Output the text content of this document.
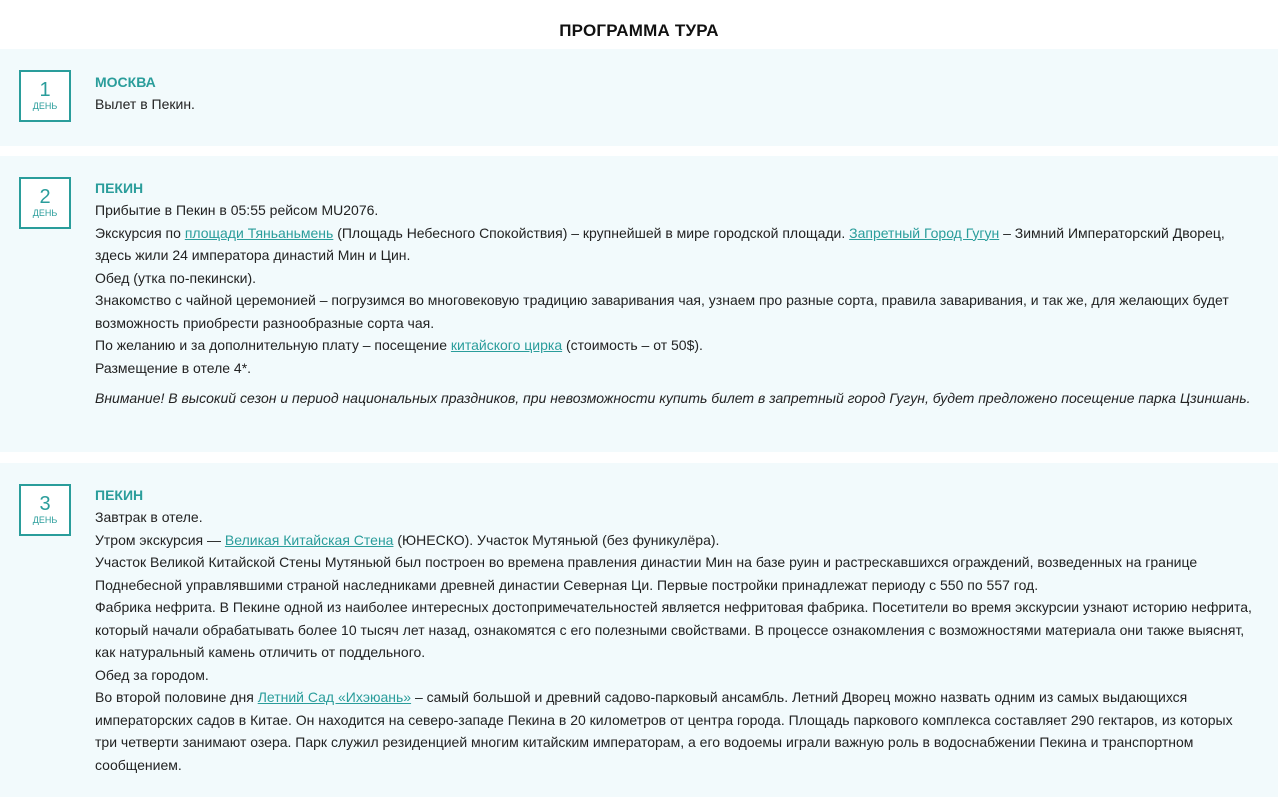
ПРОГРАММА ТУРА
1
ДЕНЬ
МОСКВА
Вылет в Пекин.
2
ДЕНЬ
ПЕКИН
Прибытие в Пекин в 05:55 рейсом MU2076.
Экскурсия по площади Тяньаньмень (Площадь Небесного Спокойствия) – крупнейшей в мире городской площади. Запретный Город Гугун – Зимний Императорский Дворец, здесь жили 24 императора династий Мин и Цин.
Обед (утка по-пекински).
Знакомство с чайной церемонией – погрузимся во многовековую традицию заваривания чая, узнаем про разные сорта, правила заваривания, и так же, для желающих будет возможность приобрести разнообразные сорта чая.
По желанию и за дополнительную плату – посещение китайского цирка (стоимость – от 50$).
Размещение в отеле 4*.
Внимание! В высокий сезон и период национальных праздников, при невозможности купить билет в запретный город Гугун, будет предложено посещение парка Цзиншань.
3
ДЕНЬ
ПЕКИН
Завтрак в отеле.
Утром экскурсия — Великая Китайская Стена (ЮНЕСКО). Участок Мутяньюй (без фуникулёра).
Участок Великой Китайской Стены Мутяньюй был построен во времена правления династии Мин на базе руин и растрескавшихся ограждений, возведенных на границе Поднебесной управлявшими страной наследниками древней династии Северная Ци. Первые постройки принадлежат периоду с 550 по 557 год.
Фабрика нефрита. В Пекине одной из наиболее интересных достопримечательностей является нефритовая фабрика. Посетители во время экскурсии узнают историю нефрита, который начали обрабатывать более 10 тысяч лет назад, ознакомятся с его полезными свойствами. В процессе ознакомления с возможностями материала они также выяснят, как натуральный камень отличить от поддельного.
Обед за городом.
Во второй половине дня Летний Сад «Ихэюань» – самый большой и древний садово-парковый ансамбль. Летний Дворец можно назвать одним из самых выдающихся императорских садов в Китае. Он находится на северо-западе Пекина в 20 километров от центра города. Площадь паркового комплекса составляет 290 гектаров, из которых три четверти занимают озера. Парк служил резиденцией многим китайским императорам, а его водоемы играли важную роль в водоснабжении Пекина и транспортном сообщением.
